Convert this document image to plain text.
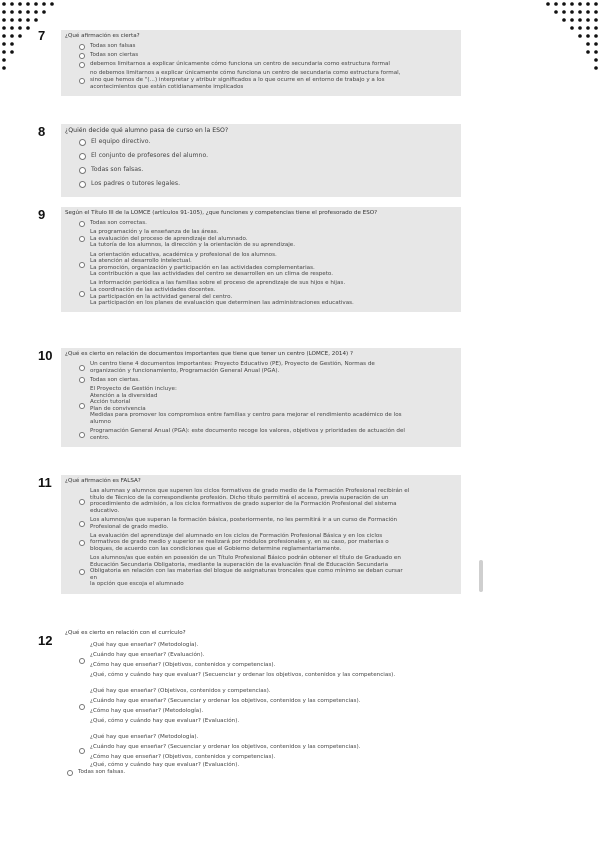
7	¿Qué afirmación es cierta?
Todas son falsas
Todas son ciertas
debemos limitarnos a explicar únicamente cómo funciona un centro de secundaria como estructura formal
no debemos limitarnos a explicar únicamente cómo funciona un centro de secundaria como estructura formal,
sino que hemos de "(...) interpretar y atribuir significados a lo que ocurre en el entorno de trabajo y a los
acontecimientos que están cotidianamente implicados
8	¿Quién decide qué alumno pasa de curso en la ESO?
El equipo directivo.
El conjunto de profesores del alumno.
Todas son falsas.
Los padres o tutores legales.
9	Según el Título III de la LOMCE (artículos 91-105), ¿que funciones y competencias tiene el profesorado de ESO?
Todas son correctas.
La programación y la enseñanza de las áreas.
La evaluación del proceso de aprendizaje del alumnado.
La tutoría de los alumnos, la dirección y la orientación de su aprendizaje.
La orientación educativa, académica y profesional de los alumnos.
La atención al desarrollo intelectual.
La promoción, organización y participación en las actividades complementarias.
La contribución a que las actividades del centro se desarrollen en un clima de respeto.
La información periódica a las familias sobre el proceso de aprendizaje de sus hijos e hijas.
La coordinación de las actividades docentes.
La participación en la actividad general del centro.
La participación en los planes de evaluación que determinen las administraciones educativas.
10 ¿Qué es cierto en relación de documentos importantes que tiene que tener un centro (LOMCE, 2014) ?
Un centro tiene 4 documentos importantes: Proyecto Educativo (PE), Proyecto de Gestión, Normas de
organización y funcionamiento, Programación General Anual (PGA).
Todas son ciertas.
El Proyecto de Gestión incluye:
Atención a la diversidad
Acción tutorial
Plan de convivencia
Medidas para promover los compromisos entre familias y centro para mejorar el rendimiento académico de los
alumno
Programación General Anual (PGA): este documento recoge los valores, objetivos y prioridades de actuación del
centro.
11 ¿Qué afirmación es FALSA?
Las alumnas y alumnos que superen los ciclos formativos de grado medio de la Formación Profesional recibirán el
título de Técnico de la correspondiente profesión. Dicho título permitirá el acceso, previa superación de un
procedimiento de admisión, a los ciclos formativos de grado superior de la Formación Profesional del sistema
educativo.
Los alumnos/as que superan la formación básica, posteriormente, no les permitirá ir a un curso de Formación
Profesional de grado medio.
La evaluación del aprendizaje del alumnado en los ciclos de Formación Profesional Básica y en los ciclos
formativos de grado medio y superior se realizará por módulos profesionales y, en su caso, por materias o
bloques, de acuerdo con las condiciones que el Gobierno determine reglamentariamente.
Los alumnos/as que estén en posesión de un Título Profesional Básico podrán obtener el título de Graduado en
Educación Secundaria Obligatoria, mediante la superación de la evaluación final de Educación Secundaria
Obligatoria en relación con las materias del bloque de asignaturas troncales que como mínimo se deban cursar
en
la opción que escoja el alumnado
12 ¿Qué es cierto en relación con el currículo?
¿Qué hay que enseñar? (Metodología).
¿Cuándo hay que enseñar? (Evaluación).
¿Cómo hay que enseñar? (Objetivos, contenidos y competencias).
¿Qué, cómo y cuándo hay que evaluar? (Secuenciar y ordenar los objetivos, contenidos y las competencias).
¿Qué hay que enseñar? (Objetivos, contenidos y competencias).
¿Cuándo hay que enseñar? (Secuenciar y ordenar los objetivos, contenidos y las competencias).
¿Cómo hay que enseñar? (Metodología).
¿Qué, cómo y cuándo hay que evaluar? (Evaluación).
¿Qué hay que enseñar? (Metodología).
¿Cuándo hay que enseñar? (Secuenciar y ordenar los objetivos, contenidos y las competencias).
¿Cómo hay que enseñar? (Objetivos, contenidos y competencias).
¿Qué, cómo y cuándo hay que evaluar? (Evaluación).
Todas son falsas.
